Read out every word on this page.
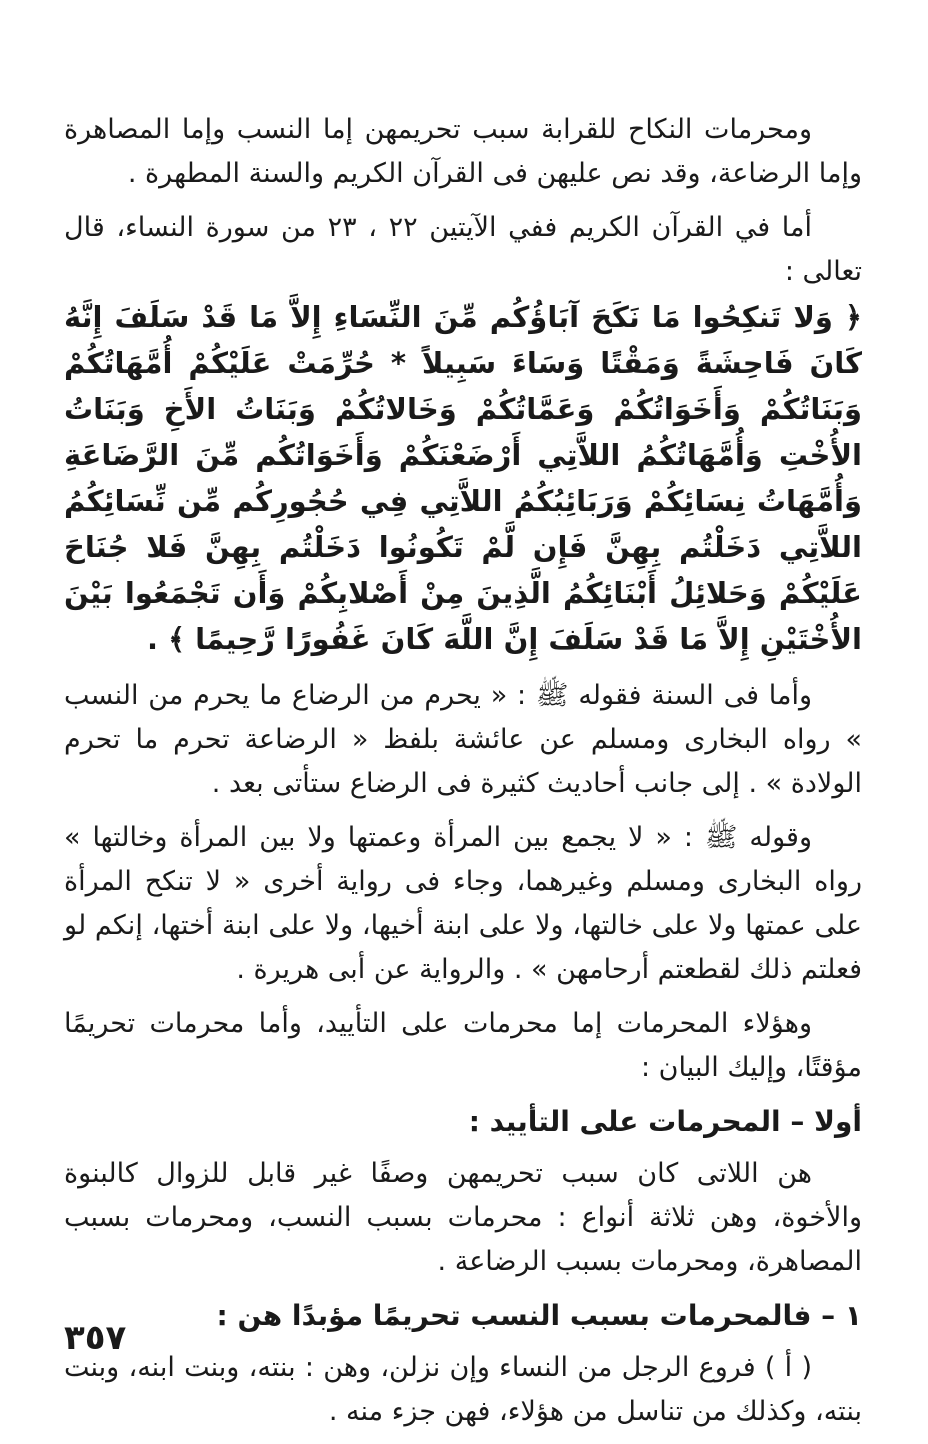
ومحرمات النكاح للقرابة سبب تحريمهن إما النسب وإما المصاهرة وإما الرضاعة، وقد نص عليهن فى القرآن الكريم والسنة المطهرة .

أما في القرآن الكريم ففي الآيتين ٢٢ ، ٢٣ من سورة النساء، قال تعالى :

﴿ وَلا تَنكِحُوا مَا نَكَحَ آبَاؤُكُم مِّنَ النِّسَاءِ إِلاَّ مَا قَدْ سَلَفَ إِنَّهُ كَانَ فَاحِشَةً وَمَقْتًا وَسَاءَ سَبِيلاً * حُرِّمَتْ عَلَيْكُمْ أُمَّهَاتُكُمْ وَبَنَاتُكُمْ وَأَخَوَاتُكُمْ وَعَمَّاتُكُمْ وَخَالاتُكُمْ وَبَنَاتُ الأَخِ وَبَنَاتُ الأُخْتِ وَأُمَّهَاتُكُمُ اللاَّتِي أَرْضَعْنَكُمْ وَأَخَوَاتُكُم مِّنَ الرَّضَاعَةِ وَأُمَّهَاتُ نِسَائِكُمْ وَرَبَائِبُكُمُ اللاَّتِي فِي حُجُورِكُم مِّن نِّسَائِكُمُ اللاَّتِي دَخَلْتُم بِهِنَّ فَإِن لَّمْ تَكُونُوا دَخَلْتُم بِهِنَّ فَلا جُنَاحَ عَلَيْكُمْ وَحَلائِلُ أَبْنَائِكُمُ الَّذِينَ مِنْ أَصْلابِكُمْ وَأَن تَجْمَعُوا بَيْنَ الأُخْتَيْنِ إِلاَّ مَا قَدْ سَلَفَ إِنَّ اللَّهَ كَانَ غَفُورًا رَّحِيمًا ﴾ .

وأما فى السنة فقوله ﷺ : « يحرم من الرضاع ما يحرم من النسب » رواه البخارى ومسلم عن عائشة بلفظ « الرضاعة تحرم ما تحرم الولادة » . إلى جانب أحاديث كثيرة فى الرضاع ستأتى بعد .

وقوله ﷺ : « لا يجمع بين المرأة وعمتها ولا بين المرأة وخالتها » رواه البخارى ومسلم وغيرهما، وجاء فى رواية أخرى « لا تنكح المرأة على عمتها ولا على خالتها، ولا على ابنة أخيها، ولا على ابنة أختها، إنكم لو فعلتم ذلك لقطعتم أرحامهن » . والرواية عن أبى هريرة .

وهؤلاء المحرمات إما محرمات على التأييد، وأما محرمات تحريمًا مؤقتًا، وإليك البيان :

أولا – المحرمات على التأييد :

هن اللاتى كان سبب تحريمهن وصفًا غير قابل للزوال كالبنوة والأخوة، وهن ثلاثة أنواع : محرمات بسبب النسب، ومحرمات بسبب المصاهرة، ومحرمات بسبب الرضاعة .

١ – فالمحرمات بسبب النسب تحريمًا مؤبدًا هن :

( أ ) فروع الرجل من النساء وإن نزلن، وهن : بنته، وبنت ابنه، وبنت بنته، وكذلك من تناسل من هؤلاء، فهن جزء منه .

٣٥٧
